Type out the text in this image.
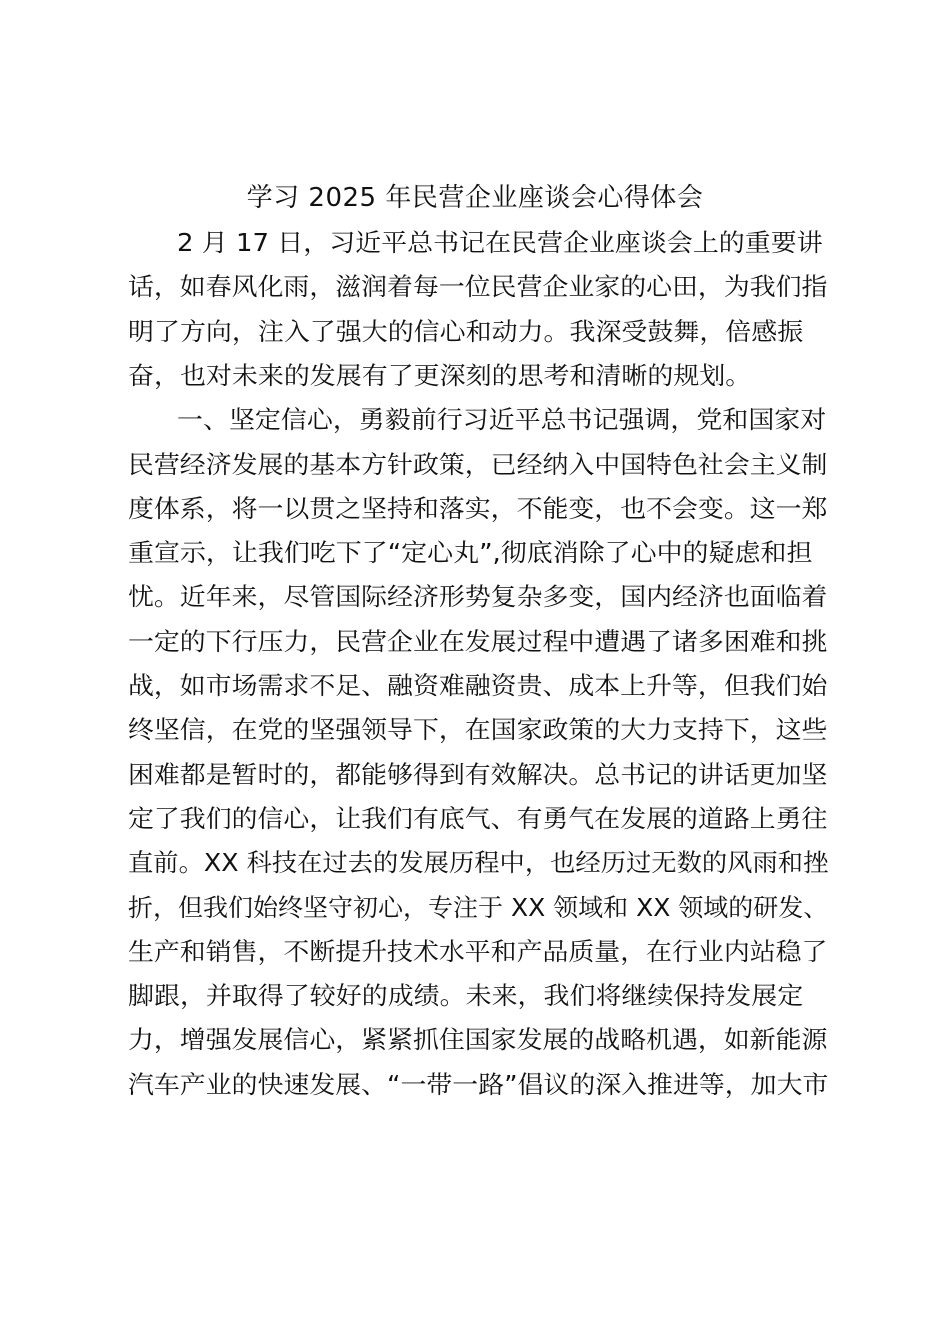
学习 2025 年民营企业座谈会心得体会
2 月 17 日，习近平总书记在民营企业座谈会上的重要讲
话，如春风化雨，滋润着每一位民营企业家的心田，为我们指
明了方向，注入了强大的信心和动力。我深受鼓舞，倍感振
奋，也对未来的发展有了更深刻的思考和清晰的规划。
一、坚定信心，勇毅前行习近平总书记强调，党和国家对
民营经济发展的基本方针政策，已经纳入中国特色社会主义制
度体系，将一以贯之坚持和落实，不能变，也不会变。这一郑
重宣示，让我们吃下了“定心丸”,彻底消除了心中的疑虑和担
忧。近年来，尽管国际经济形势复杂多变，国内经济也面临着
一定的下行压力，民营企业在发展过程中遭遇了诸多困难和挑
战，如市场需求不足、融资难融资贵、成本上升等，但我们始
终坚信，在党的坚强领导下，在国家政策的大力支持下，这些
困难都是暂时的，都能够得到有效解决。总书记的讲话更加坚
定了我们的信心，让我们有底气、有勇气在发展的道路上勇往
直前。XX 科技在过去的发展历程中，也经历过无数的风雨和挫
折，但我们始终坚守初心，专注于 XX 领域和 XX 领域的研发、
生产和销售，不断提升技术水平和产品质量，在行业内站稳了
脚跟，并取得了较好的成绩。未来，我们将继续保持发展定
力，增强发展信心，紧紧抓住国家发展的战略机遇，如新能源
汽车产业的快速发展、“一带一路”倡议的深入推进等，加大市
